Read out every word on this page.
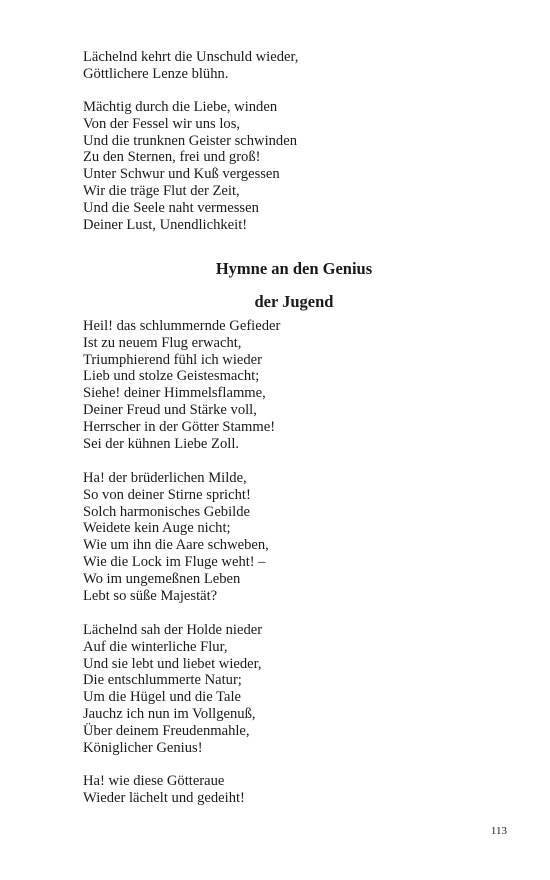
Lächelnd kehrt die Unschuld wieder,
Göttlichere Lenze blühn.
Mächtig durch die Liebe, winden
Von der Fessel wir uns los,
Und die trunknen Geister schwinden
Zu den Sternen, frei und groß!
Unter Schwur und Kuß vergessen
Wir die träge Flut der Zeit,
Und die Seele naht vermessen
Deiner Lust, Unendlichkeit!
Hymne an den Genius
der Jugend
Heil! das schlummernde Gefieder
Ist zu neuem Flug erwacht,
Triumphierend fühl ich wieder
Lieb und stolze Geistesmacht;
Siehe! deiner Himmelsflamme,
Deiner Freud und Stärke voll,
Herrscher in der Götter Stamme!
Sei der kühnen Liebe Zoll.
Ha! der brüderlichen Milde,
So von deiner Stirne spricht!
Solch harmonisches Gebilde
Weidete kein Auge nicht;
Wie um ihn die Aare schweben,
Wie die Lock im Fluge weht! –
Wo im ungemeßnen Leben
Lebt so süße Majestät?
Lächelnd sah der Holde nieder
Auf die winterliche Flur,
Und sie lebt und liebet wieder,
Die entschlummerte Natur;
Um die Hügel und die Tale
Jauchz ich nun im Vollgenuß,
Über deinem Freudenmahle,
Königlicher Genius!
Ha! wie diese Götteraue
Wieder lächelt und gedeiht!
113
